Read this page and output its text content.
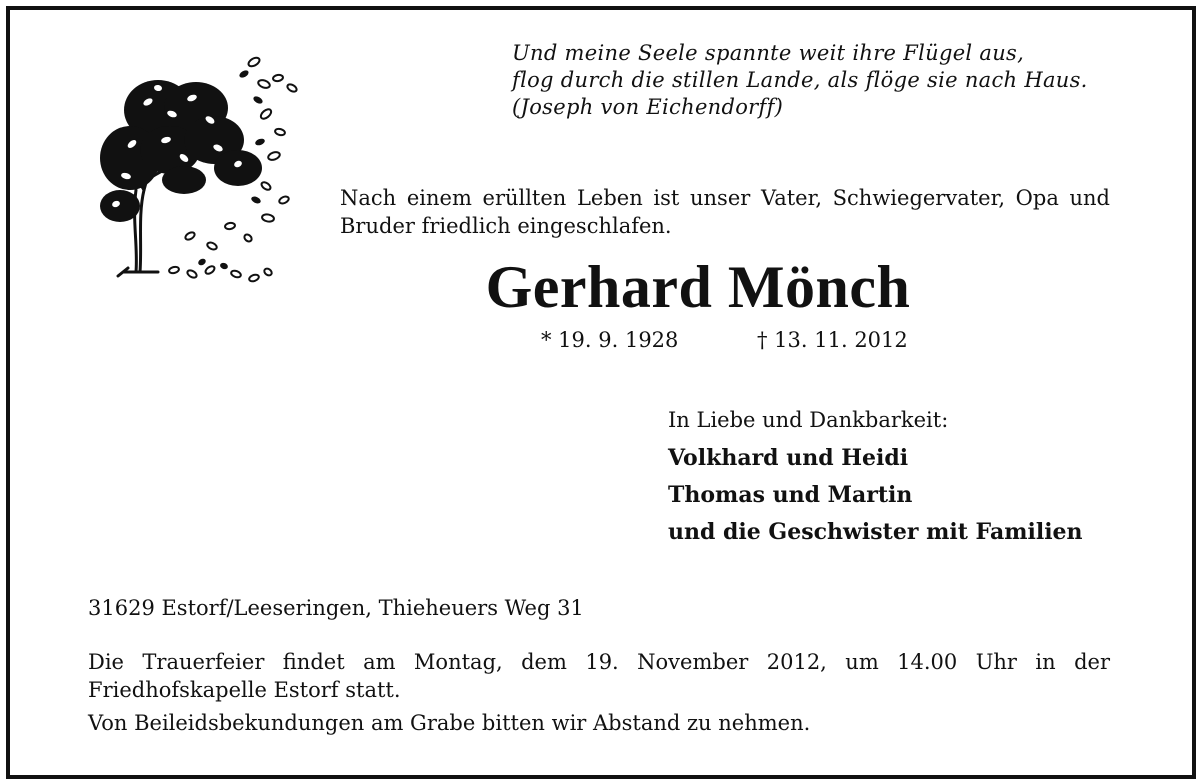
Und meine Seele spannte weit ihre Flügel aus,
flog durch die stillen Lande, als flöge sie nach Haus.
(Joseph von Eichendorff)
Nach einem erüllten Leben ist unser Vater, Schwiegervater, Opa und Bruder friedlich eingeschlafen.
Gerhard Mönch
* 19. 9. 1928	† 13. 11. 2012
In Liebe und Dankbarkeit:
Volkhard und Heidi
Thomas und Martin
und die Geschwister mit Familien
31629 Estorf/Leeseringen, Thieheuers Weg 31
Die Trauerfeier findet am Montag, dem 19. November 2012, um 14.00 Uhr in der Friedhofskapelle Estorf statt.
Von Beileidsbekundungen am Grabe bitten wir Abstand zu nehmen.
